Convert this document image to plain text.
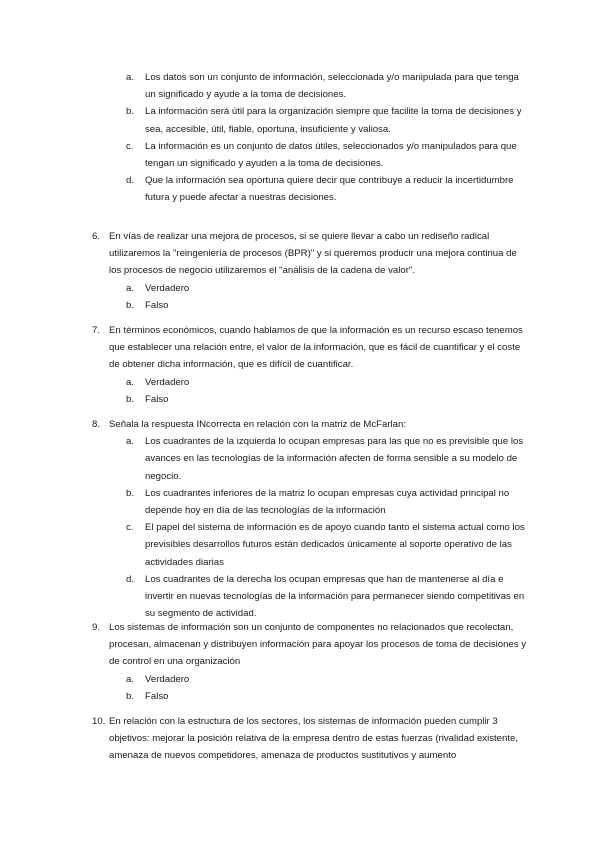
a.	Los datos son un conjunto de información, seleccionada y/o manipulada para que tenga un significado y ayude a la toma de decisiones.
b.	La información será útil para la organización siempre que facilite la toma de decisiones y sea, accesible, útil, fiable, oportuna, insuficiente y valiosa.
c.	La información es un conjunto de datos útiles, seleccionados y/o manipulados para que tengan un significado y ayuden a la toma de decisiones.
d.	Que la información sea oportuna quiere decir que contribuye a reducir la incertidumbre futura y puede afectar a nuestras decisiones.
6. En vías de realizar una mejora de procesos, si se quiere llevar a cabo un rediseño radical utilizaremos la "reingeniería de procesos (BPR)" y si queremos producir una mejora continua de los procesos de negocio utilizaremos el "análisis de la cadena de valor".
a.	Verdadero
b.	Falso
7. En términos económicos, cuando hablamos de que la información es un recurso escaso tenemos que establecer una relación entre, el valor de la información, que es fácil de cuantificar y el coste de obtener dicha información, que es difícil de cuantificar.
a.	Verdadero
b.	Falso
8. Señala la respuesta INcorrecta en relación con la matriz de McFarlan:
a.	Los cuadrantes de la izquierda lo ocupan empresas para las que no es previsible que los avances en las tecnologías de la información afecten de forma sensible a su modelo de negocio.
b.	Los cuadrantes inferiores de la matriz lo ocupan empresas cuya actividad principal no depende hoy en día de las tecnologías de la información
c.	El papel del sistema de información es de apoyo cuando tanto el sistema actual como los previsibles desarrollos futuros están dedicados únicamente al soporte operativo de las actividades diarias
d.	Los cuadrantes de la derecha los ocupan empresas que han de mantenerse al día e invertir en nuevas tecnologías de la información para permanecer siendo competitivas en su segmento de actividad.
9. Los sistemas de información son un conjunto de componentes no relacionados que recolectan, procesan, almacenan y distribuyen información para apoyar los procesos de toma de decisiones y de control en una organización
a.	Verdadero
b.	Falso
10. En relación con la estructura de los sectores, los sistemas de información pueden cumplir 3 objetivos: mejorar la posición relativa de la empresa dentro de estas fuerzas (rivalidad existente, amenaza de nuevos competidores, amenaza de productos sustitutivos y aumento
